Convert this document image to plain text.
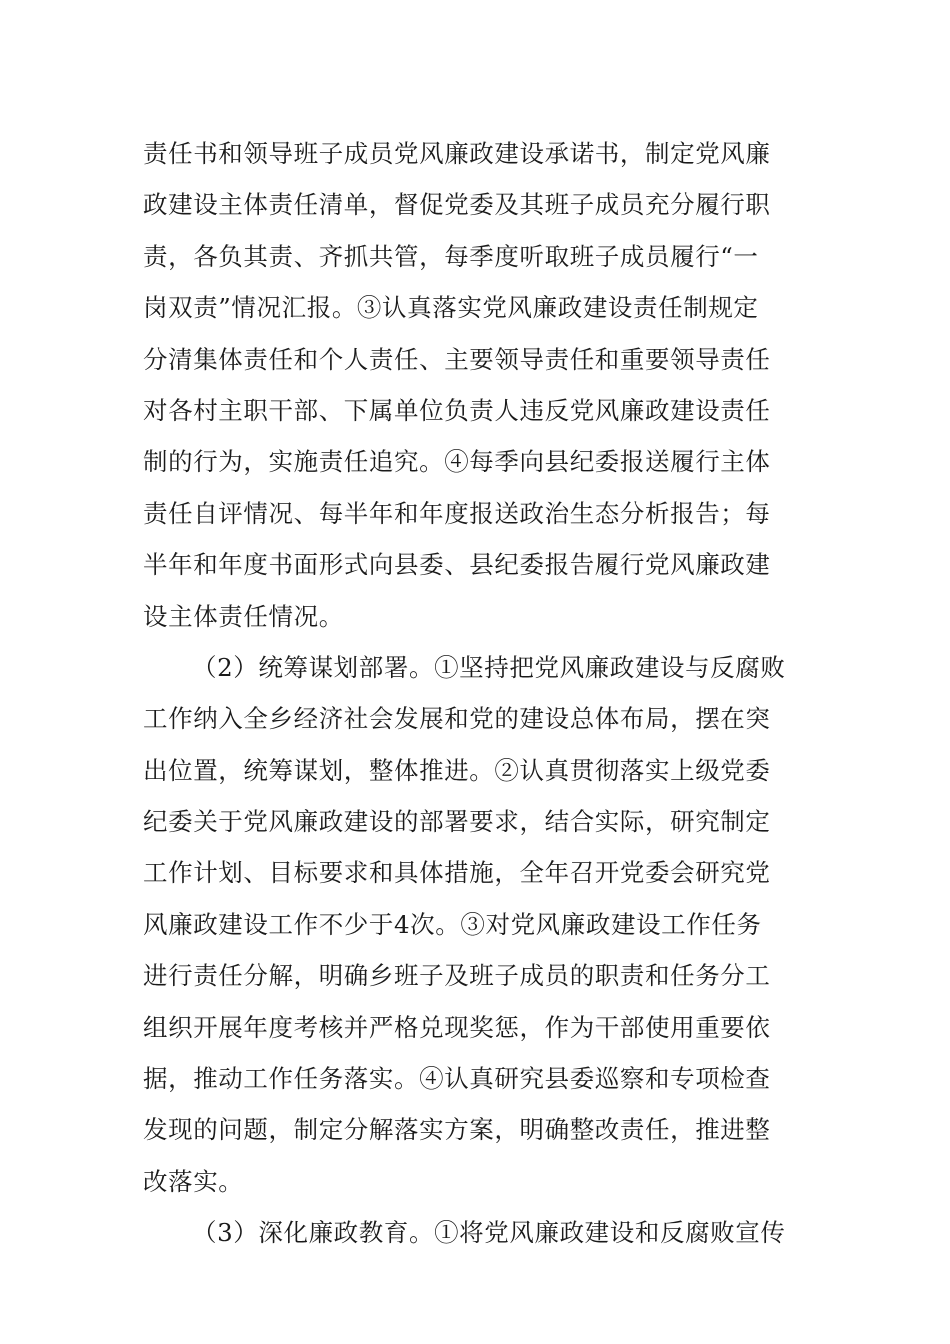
责任书和领导班子成员党风廉政建设承诺书，制定党风廉
政建设主体责任清单，督促党委及其班子成员充分履行职
责，各负其责、齐抓共管，每季度听取班子成员履行“一
岗双责”情况汇报。③认真落实党风廉政建设责任制规定
分清集体责任和个人责任、主要领导责任和重要领导责任
对各村主职干部、下属单位负责人违反党风廉政建设责任
制的行为，实施责任追究。④每季向县纪委报送履行主体
责任自评情况、每半年和年度报送政治生态分析报告；每
半年和年度书面形式向县委、县纪委报告履行党风廉政建
设主体责任情况。
（2）统筹谋划部署。①坚持把党风廉政建设与反腐败
工作纳入全乡经济社会发展和党的建设总体布局，摆在突
出位置，统筹谋划，整体推进。②认真贯彻落实上级党委
纪委关于党风廉政建设的部署要求，结合实际，研究制定
工作计划、目标要求和具体措施，全年召开党委会研究党
风廉政建设工作不少于4次。③对党风廉政建设工作任务
进行责任分解，明确乡班子及班子成员的职责和任务分工
组织开展年度考核并严格兑现奖惩，作为干部使用重要依
据，推动工作任务落实。④认真研究县委巡察和专项检查
发现的问题，制定分解落实方案，明确整改责任，推进整
改落实。
（3）深化廉政教育。①将党风廉政建设和反腐败宣传
